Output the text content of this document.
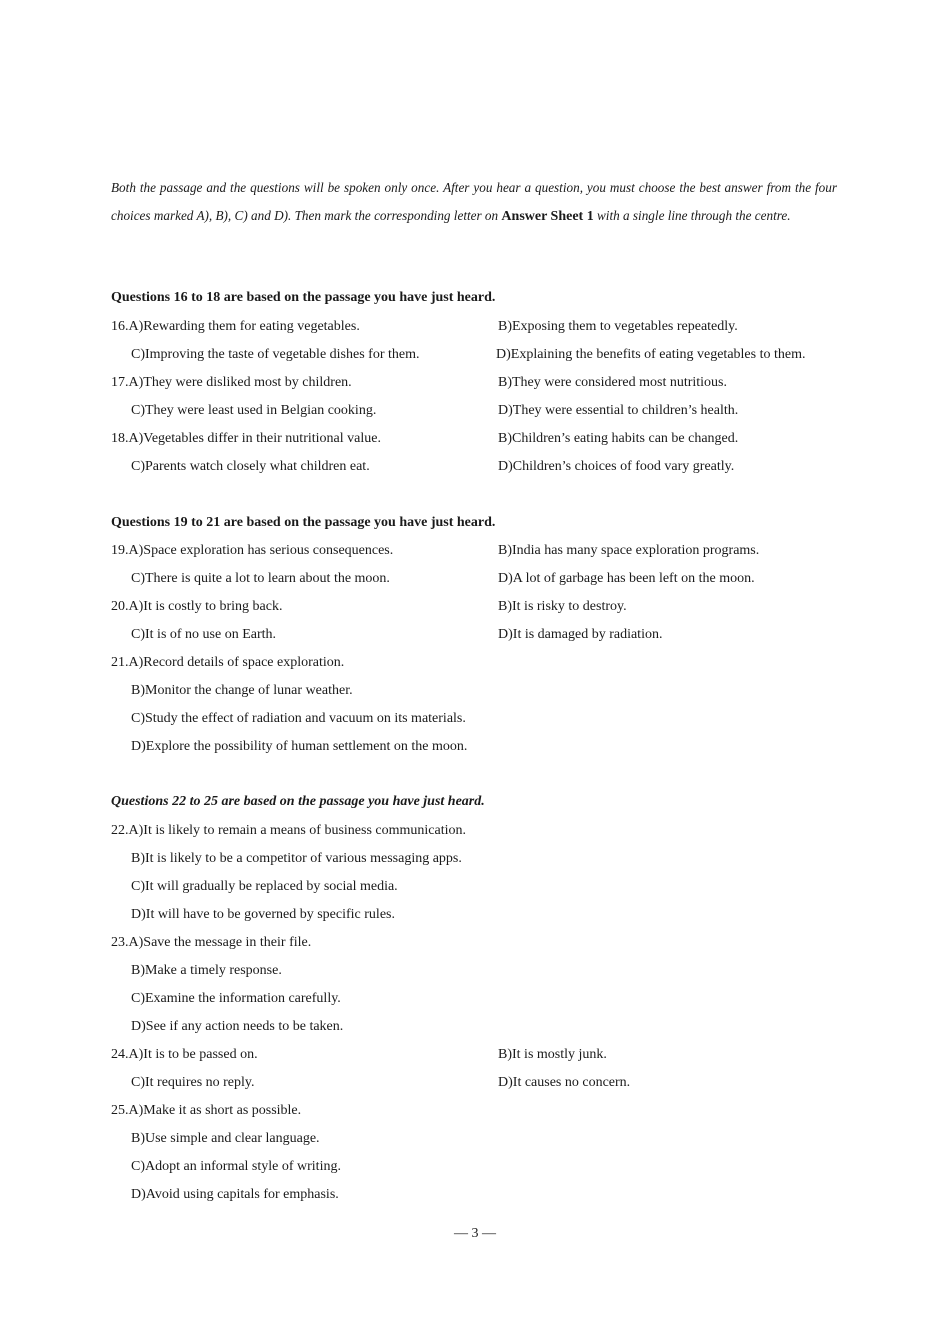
Both the passage and the questions will be spoken only once. After you hear a question, you must choose the best answer from the four choices marked A), B), C) and D). Then mark the corresponding letter on Answer Sheet 1 with a single line through the centre.
Questions 16 to 18 are based on the passage you have just heard.
16.A)Rewarding them for eating vegetables.	B)Exposing them to vegetables repeatedly.
C)Improving the taste of vegetable dishes for them.	D)Explaining the benefits of eating vegetables to them.
17.A)They were disliked most by children.	B)They were considered most nutritious.
C)They were least used in Belgian cooking.	D)They were essential to children’s health.
18.A)Vegetables differ in their nutritional value.	B)Children’s eating habits can be changed.
C)Parents watch closely what children eat.	D)Children’s choices of food vary greatly.
Questions 19 to 21 are based on the passage you have just heard.
19.A)Space exploration has serious consequences.	B)India has many space exploration programs.
C)There is quite a lot to learn about the moon.	D)A lot of garbage has been left on the moon.
20.A)It is costly to bring back.	B)It is risky to destroy.
C)It is of no use on Earth.	D)It is damaged by radiation.
21.A)Record details of space exploration.
B)Monitor the change of lunar weather.
C)Study the effect of radiation and vacuum on its materials.
D)Explore the possibility of human settlement on the moon.
Questions 22 to 25 are based on the passage you have just heard.
22.A)It is likely to remain a means of business communication.
B)It is likely to be a competitor of various messaging apps.
C)It will gradually be replaced by social media.
D)It will have to be governed by specific rules.
23.A)Save the message in their file.
B)Make a timely response.
C)Examine the information carefully.
D)See if any action needs to be taken.
24.A)It is to be passed on.	B)It is mostly junk.
C)It requires no reply.	D)It causes no concern.
25.A)Make it as short as possible.
B)Use simple and clear language.
C)Adopt an informal style of writing.
D)Avoid using capitals for emphasis.
— 3 —
